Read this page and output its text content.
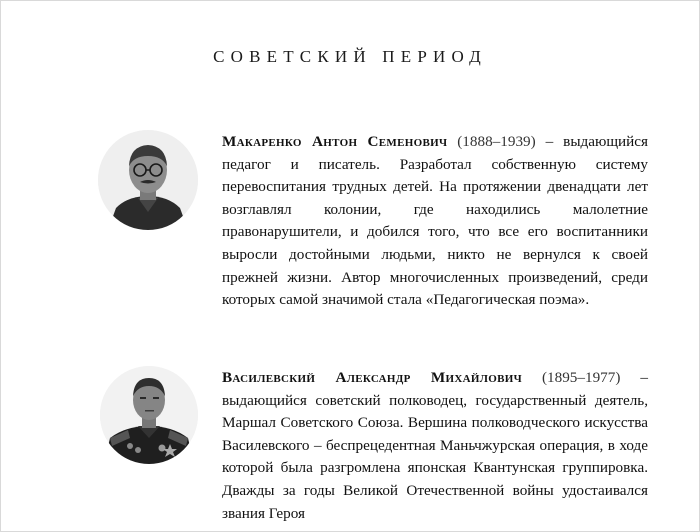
СОВЕТСКИЙ ПЕРИОД
Макаренко Антон Семенович (1888–1939) – выдающийся педагог и писатель. Разработал собственную систему перевоспитания трудных детей. На протяжении двенадцати лет возглавлял колонии, где находились малолетние правонарушители, и добился того, что все его воспитанники выросли достойными людьми, никто не вернулся к своей прежней жизни. Автор многочисленных произведений, среди которых самой значимой стала «Педагогическая поэма».
Василевский Александр Михайлович (1895–1977) – выдающийся советский полководец, государственный деятель, Маршал Советского Союза. Вершина полководческого искусства Василевского – беспрецедентная Маньчжурская операция, в ходе которой была разгромлена японская Квантунская группировка. Дважды за годы Великой Отечественной войны удостаивался звания Героя
